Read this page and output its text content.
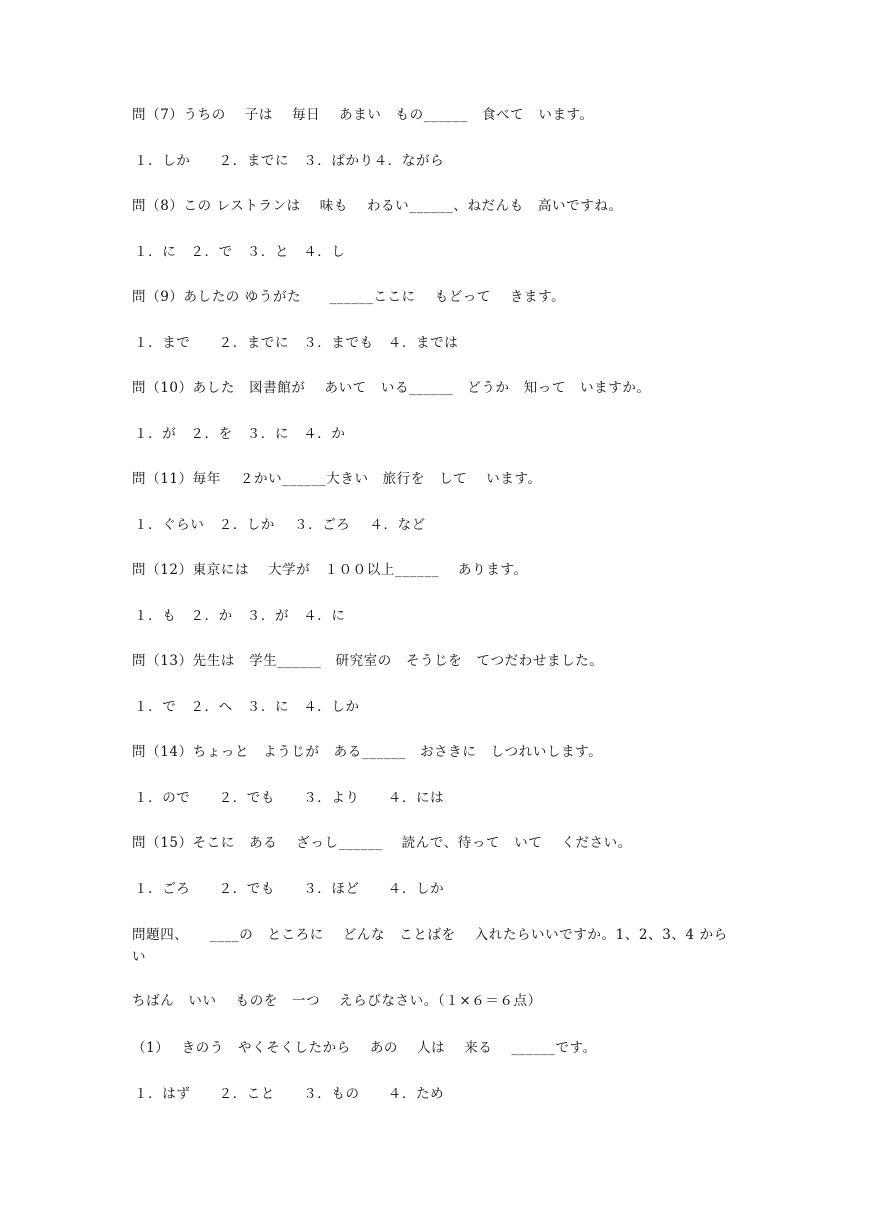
問（7）うちの　 子は　 毎日　 あまい　もの______　食べて　います。
１．しか　　２．までに　３．ばかり４．ながら
問（8）この レストランは　 味も　 わるい______、ねだんも　高いですね。
１．に　２．で　３．と　４．し
問（9）あしたの ゆうがた　　______ここに　 もどって　 きます。
１．まで　　２．までに　３．までも　４．までは
問（10）あした　図書館が　 あいて　いる______　どうか　知って　いますか。
１．が　２．を　３．に　４．か
問（11）毎年　 ２かい______大きい　旅行を　して　 います。
１．ぐらい　２．しか　 ３．ごろ　 ４．など
問（12）東京には　 大学が　１００以上______　 あります。
１．も　２．か　３．が　４．に
問（13）先生は　学生______　研究室の　そうじを　てつだわせました。
１．で　２．へ　３．に　４．しか
問（14）ちょっと　ようじが　ある______　おさきに　しつれいします。
１．ので　　２．でも　　３．より　　４．には
問（15）そこに　ある　 ざっし______　 読んで、待って　いて　 ください。
１．ごろ　　２．でも　　３．ほど　　４．しか
問題四、　　____の　ところに　 どんな　ことばを　 入れたらいいですか。1、2、3、4 から　い
ちばん　いい　 ものを　一つ　 えらびなさい。（１×６＝６点）
（1）　 きのう　やくそくしたから　 あの　 人は　 来る　 ______です。
１．はず　　２．こと　　３．もの　　４．ため
